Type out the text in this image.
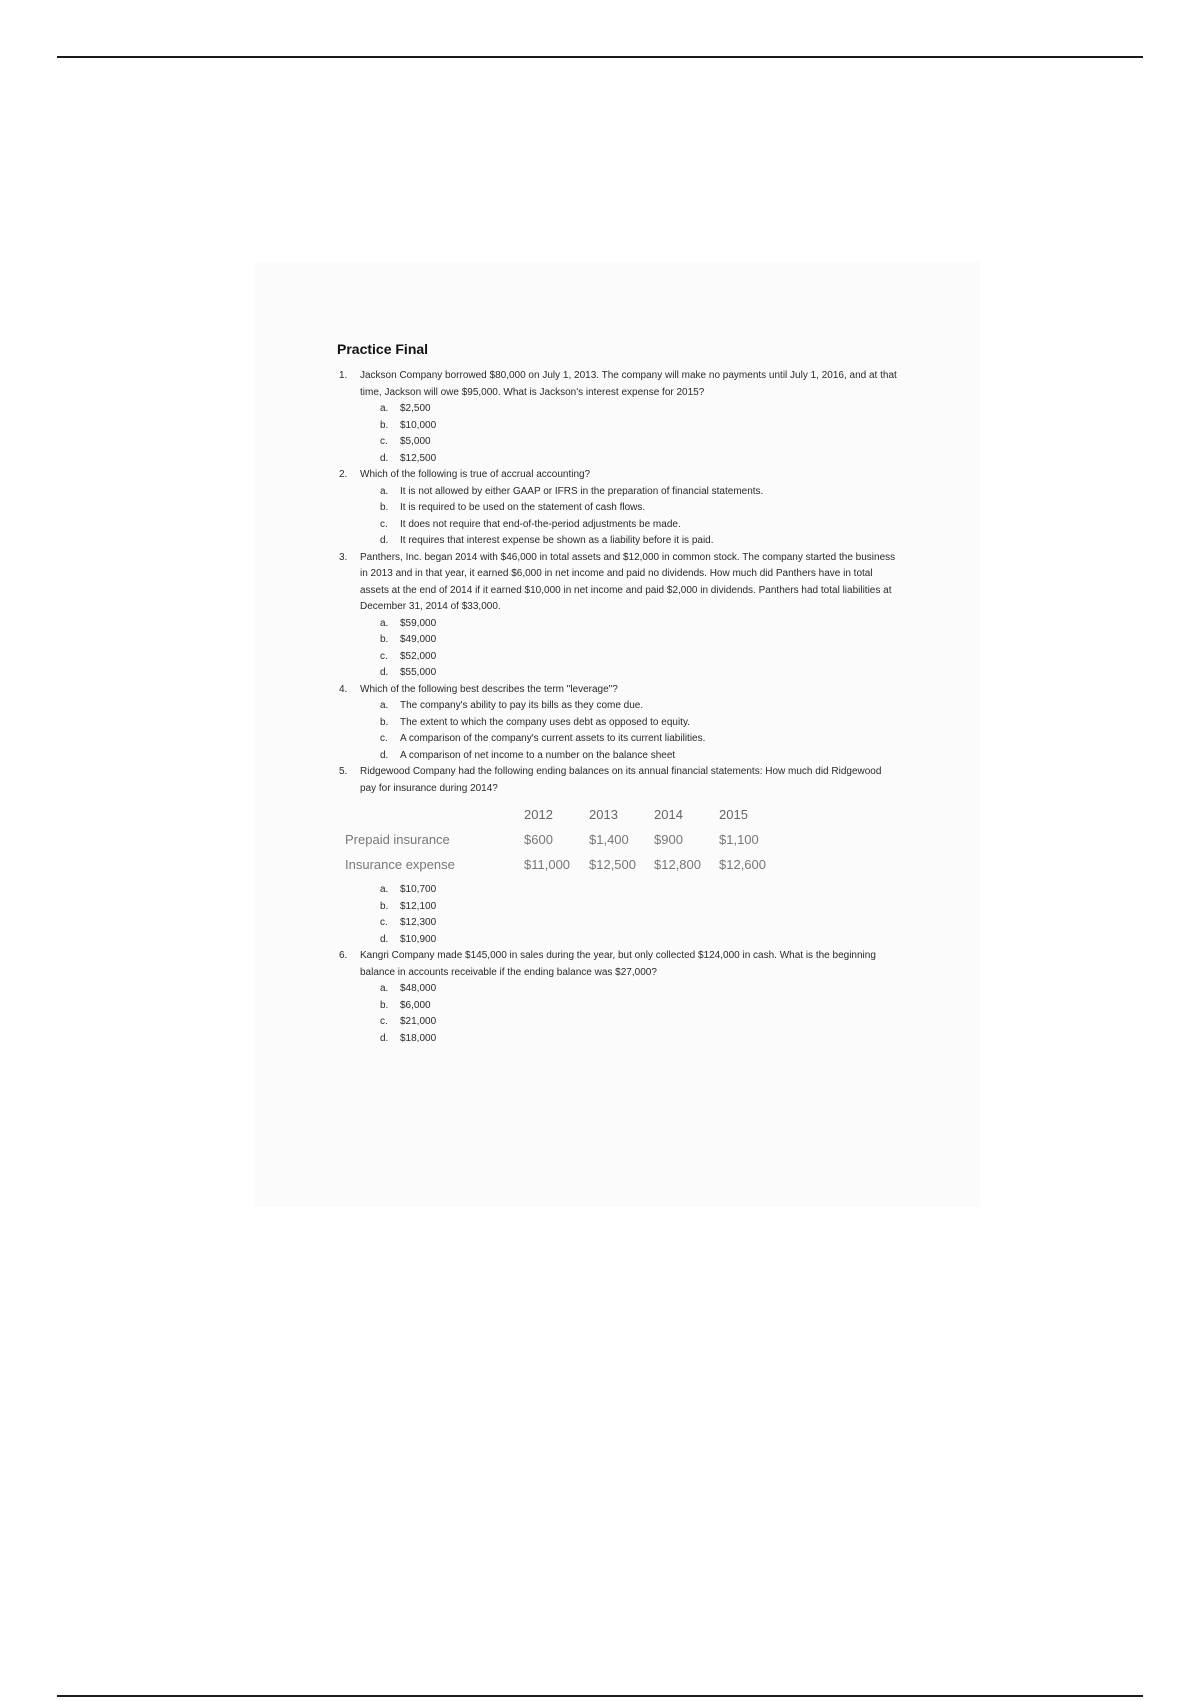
Practice Final
1.	Jackson Company borrowed $80,000 on July 1, 2013. The company will make no payments until July 1, 2016, and at that time, Jackson will owe $95,000. What is Jackson's interest expense for 2015?
a.	$2,500
b.	$10,000
c.	$5,000
d.	$12,500
2.	Which of the following is true of accrual accounting?
a.	It is not allowed by either GAAP or IFRS in the preparation of financial statements.
b.	It is required to be used on the statement of cash flows.
c.	It does not require that end-of-the-period adjustments be made.
d.	It requires that interest expense be shown as a liability before it is paid.
3.	Panthers, Inc. began 2014 with $46,000 in total assets and $12,000 in common stock. The company started the business in 2013 and in that year, it earned $6,000 in net income and paid no dividends. How much did Panthers have in total assets at the end of 2014 if it earned $10,000 in net income and paid $2,000 in dividends. Panthers had total liabilities at December 31, 2014 of $33,000.
a.	$59,000
b.	$49,000
c.	$52,000
d.	$55,000
4.	Which of the following best describes the term "leverage"?
a.	The company's ability to pay its bills as they come due.
b.	The extent to which the company uses debt as opposed to equity.
c.	A comparison of the company's current assets to its current liabilities.
d.	A comparison of net income to a number on the balance sheet
5.	Ridgewood Company had the following ending balances on its annual financial statements: How much did Ridgewood pay for insurance during 2014?
	2012	2013	2014	2015
Prepaid insurance	$600	$1,400	$900	$1,100
Insurance expense	$11,000	$12,500	$12,800	$12,600
a.	$10,700
b.	$12,100
c.	$12,300
d.	$10,900
6.	Kangri Company made $145,000 in sales during the year, but only collected $124,000 in cash. What is the beginning balance in accounts receivable if the ending balance was $27,000?
a.	$48,000
b.	$6,000
c.	$21,000
d.	$18,000
